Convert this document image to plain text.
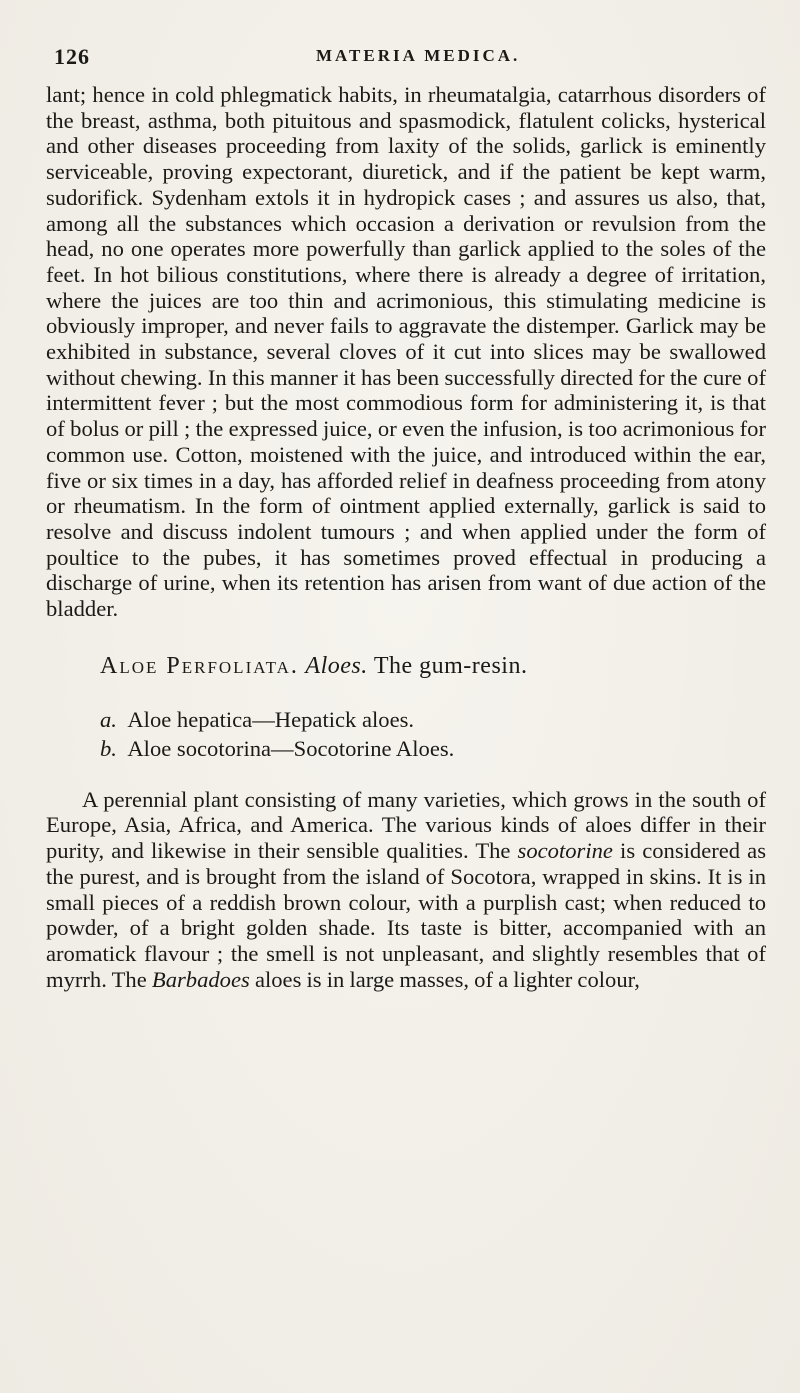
126	MATERIA MEDICA.

lant; hence in cold phlegmatick habits, in rheumatalgia, catarrhous disorders of the breast, asthma, both pituitous and spasmodick, flatulent colicks, hysterical and other diseases proceeding from laxity of the solids, garlick is eminently serviceable, proving expectorant, diuretick, and if the patient be kept warm, sudorifick. Sydenham extols it in hydropick cases ; and assures us also, that, among all the substances which occasion a derivation or revulsion from the head, no one operates more powerfully than garlick applied to the soles of the feet. In hot bilious constitutions, where there is already a degree of irritation, where the juices are too thin and acrimonious, this stimulating medicine is obviously improper, and never fails to aggravate the distemper. Garlick may be exhibited in substance, several cloves of it cut into slices may be swallowed without chewing. In this manner it has been successfully directed for the cure of intermittent fever ; but the most commodious form for administering it, is that of bolus or pill ; the expressed juice, or even the infusion, is too acrimonious for common use. Cotton, moistened with the juice, and introduced within the ear, five or six times in a day, has afforded relief in deafness proceeding from atony or rheumatism. In the form of ointment applied externally, garlick is said to resolve and discuss indolent tumours ; and when applied under the form of poultice to the pubes, it has sometimes proved effectual in producing a discharge of urine, when its retention has arisen from want of due action of the bladder.

Aloe Perfoliata. Aloes. The gum-resin.
a. Aloe hepatica—Hepatick aloes.
b. Aloe socotorina—Socotorine Aloes.

A perennial plant consisting of many varieties, which grows in the south of Europe, Asia, Africa, and America. The various kinds of aloes differ in their purity, and likewise in their sensible qualities. The socotorine is considered as the purest, and is brought from the island of Socotora, wrapped in skins. It is in small pieces of a reddish brown colour, with a purplish cast; when reduced to powder, of a bright golden shade. Its taste is bitter, accompanied with an aromatick flavour ; the smell is not unpleasant, and slightly resembles that of myrrh. The Barbadoes aloes is in large masses, of a lighter colour,
